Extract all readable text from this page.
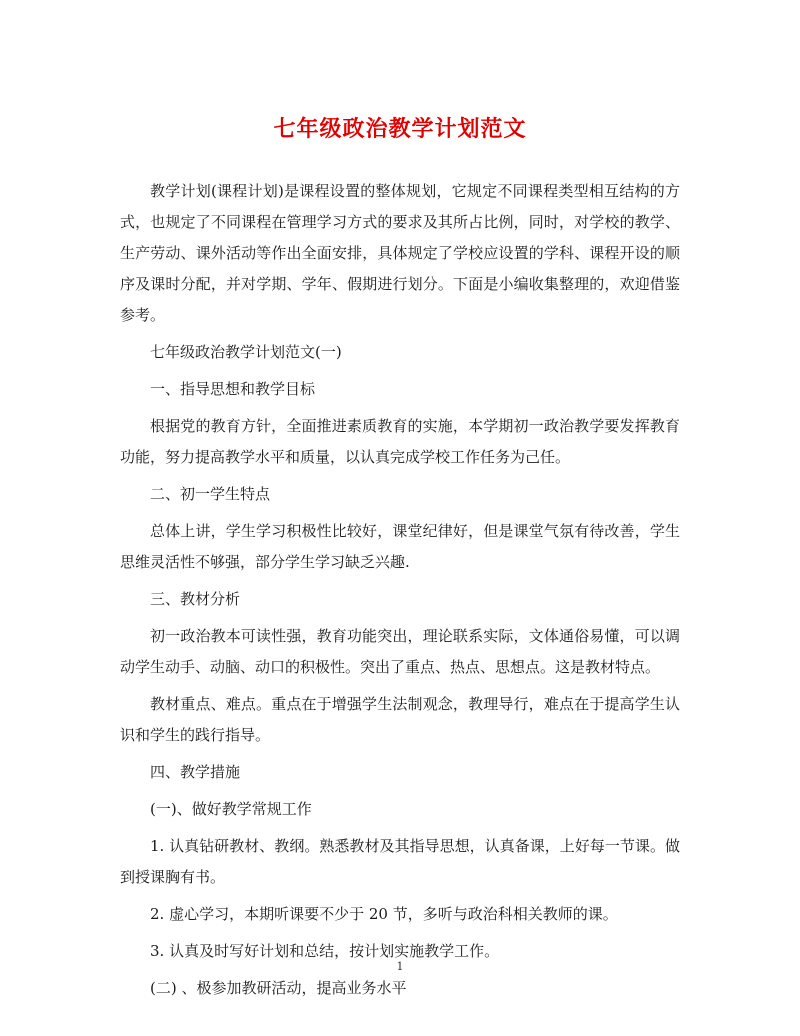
七年级政治教学计划范文

教学计划(课程计划)是课程设置的整体规划，它规定不同课程类型相互结构的方式，也规定了不同课程在管理学习方式的要求及其所占比例，同时，对学校的教学、生产劳动、课外活动等作出全面安排，具体规定了学校应设置的学科、课程开设的顺序及课时分配，并对学期、学年、假期进行划分。下面是小编收集整理的，欢迎借鉴参考。

七年级政治教学计划范文(一)

一、指导思想和教学目标

根据党的教育方针，全面推进素质教育的实施，本学期初一政治教学要发挥教育功能，努力提高教学水平和质量，以认真完成学校工作任务为己任。

二、初一学生特点

总体上讲，学生学习积极性比较好，课堂纪律好，但是课堂气氛有待改善，学生思维灵活性不够强，部分学生学习缺乏兴趣.

三、教材分析

初一政治教本可读性强，教育功能突出，理论联系实际，文体通俗易懂，可以调动学生动手、动脑、动口的积极性。突出了重点、热点、思想点。这是教材特点。

教材重点、难点。重点在于增强学生法制观念，教理导行，难点在于提高学生认识和学生的践行指导。

四、教学措施

(一)、做好教学常规工作

1. 认真钻研教材、教纲。熟悉教材及其指导思想，认真备课，上好每一节课。做到授课胸有书。

2. 虚心学习，本期听课要不少于 20 节，多听与政治科相关教师的课。

3. 认真及时写好计划和总结，按计划实施教学工作。

(二) 、极参加教研活动，提高业务水平

1
